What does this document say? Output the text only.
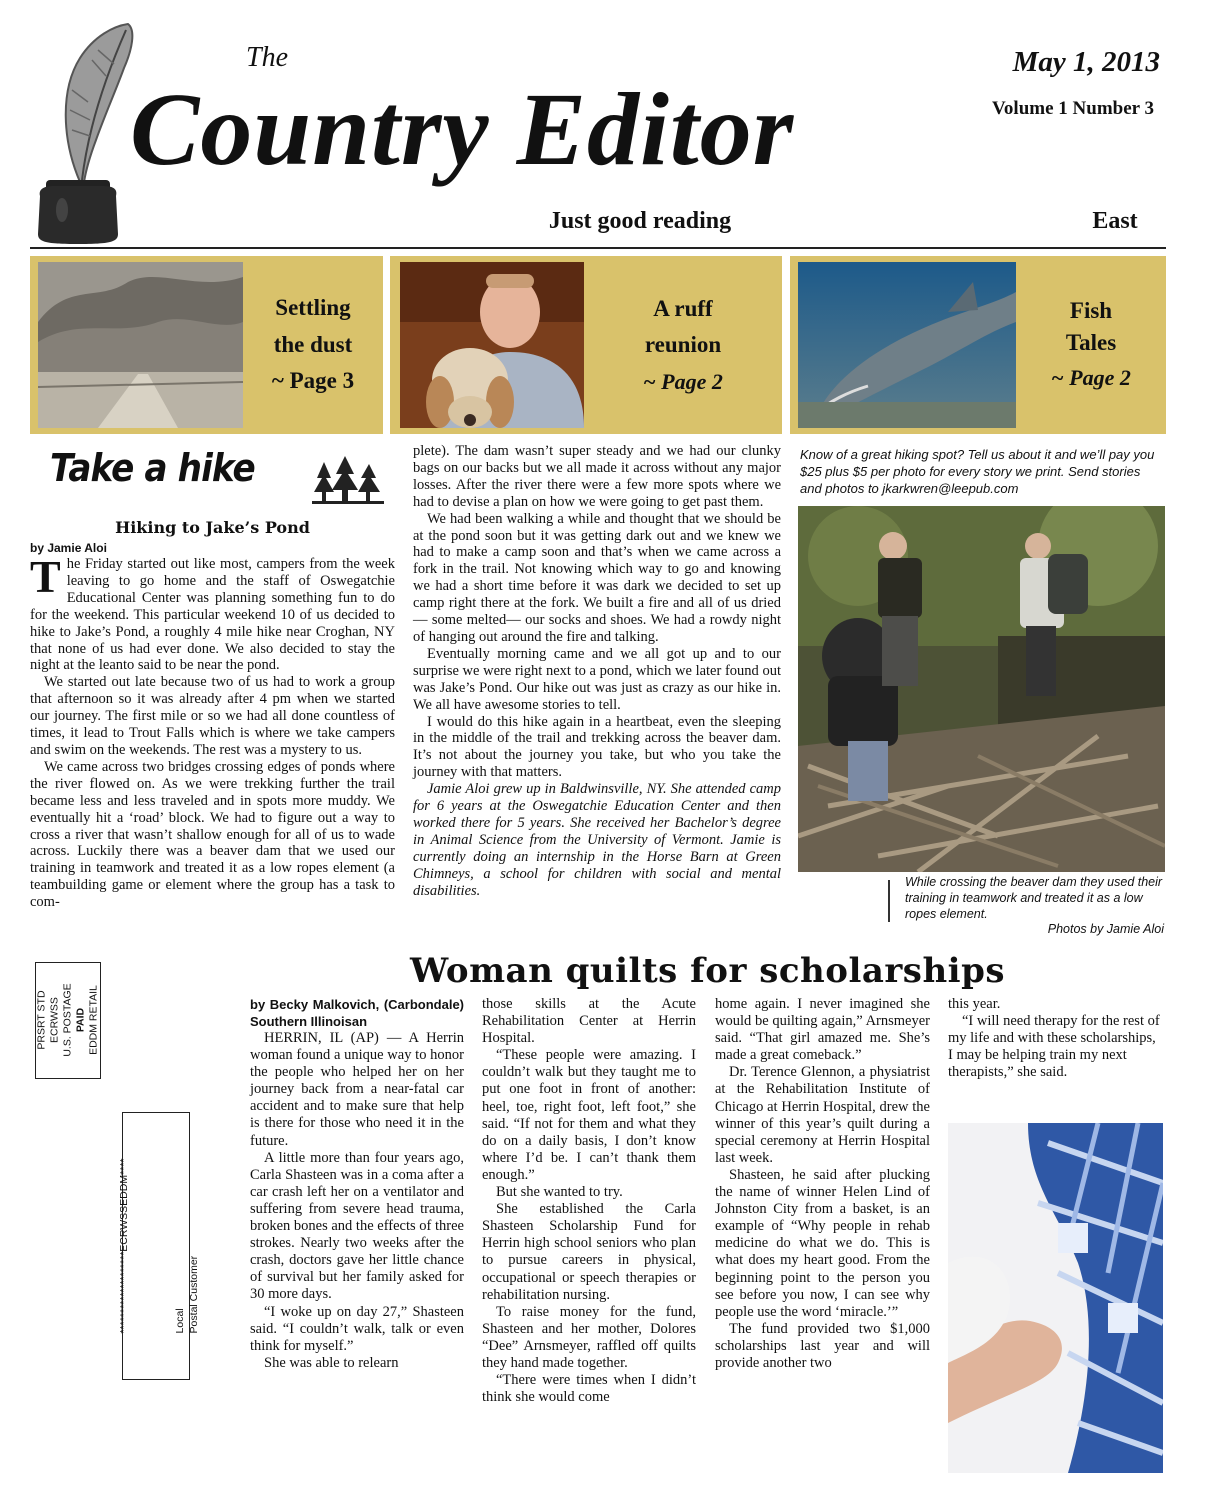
The
Country Editor
May 1, 2013
Volume 1 Number 3
Just good reading	East
Settling
the dust
~ Page 3
A ruff
reunion
~ Page 2
Fish
Tales
~ Page 2
Take a hike
Hiking to Jake’s Pond
by Jamie Aloi

The Friday started out like most, campers from the week leaving to go home and the staff of Oswegatchie Educational Center was planning something fun to do for the weekend. This particular weekend 10 of us decided to hike to Jake’s Pond, a roughly 4 mile hike near Croghan, NY that none of us had ever done. We also decided to stay the night at the leanto said to be near the pond.

We started out late because two of us had to work a group that afternoon so it was already after 4 pm when we started our journey. The first mile or so we had all done countless of times, it lead to Trout Falls which is where we take campers and swim on the weekends. The rest was a mystery to us.

We came across two bridges crossing edges of ponds where the river flowed on. As we were trekking further the trail became less and less traveled and in spots more muddy. We eventually hit a ‘road’ block. We had to figure out a way to cross a river that wasn’t shallow enough for all of us to wade across. Luckily there was a beaver dam that we used our training in teamwork and treated it as a low ropes element (a teambuilding game or element where the group has a task to com-

plete). The dam wasn’t super steady and we had our clunky bags on our backs but we all made it across without any major losses. After the river there were a few more spots where we had to devise a plan on how we were going to get past them.

We had been walking a while and thought that we should be at the pond soon but it was getting dark out and we knew we had to make a camp soon and that’s when we came across a fork in the trail. Not knowing which way to go and knowing we had a short time before it was dark we decided to set up camp right there at the fork. We built a fire and all of us dried— some melted— our socks and shoes. We had a rowdy night of hanging out around the fire and talking.

Eventually morning came and we all got up and to our surprise we were right next to a pond, which we later found out was Jake’s Pond. Our hike out was just as crazy as our hike in. We all have awesome stories to tell.

I would do this hike again in a heartbeat, even the sleeping in the middle of the trail and trekking across the beaver dam. It’s not about the journey you take, but who you take the journey with that matters.

Jamie Aloi grew up in Baldwinsville, NY. She attended camp for 6 years at the Oswegatchie Education Center and then worked there for 5 years. She received her Bachelor’s degree in Animal Science from the University of Vermont. Jamie is currently doing an internship in the Horse Barn at Green Chimneys, a school for children with social and mental disabilities.

Know of a great hiking spot? Tell us about it and we’ll pay you $25 plus $5 per photo for every story we print. Send stories and photos to jkarkwren@leepub.com
While crossing the beaver dam they used their training in teamwork and treated it as a low ropes element.
Photos by Jamie Aloi
Woman quilts for scholarships
by Becky Malkovich, (Carbondale) Southern Illinoisan

HERRIN, IL (AP) — A Herrin woman found a unique way to honor the people who helped her on her journey back from a near-fatal car accident and to make sure that help is there for those who need it in the future.

A little more than four years ago, Carla Shasteen was in a coma after a car crash left her on a ventilator and suffering from severe head trauma, broken bones and the effects of three strokes. Nearly two weeks after the crash, doctors gave her little chance of survival but her family asked for 30 more days.

“I woke up on day 27,” Shasteen said. “I couldn’t walk, talk or even think for myself.”

She was able to relearn

those skills at the Acute Rehabilitation Center at Herrin Hospital.

“These people were amazing. I couldn’t walk but they taught me to put one foot in front of another: heel, toe, right foot, left foot,” she said. “If not for them and what they do on a daily basis, I don’t know where I’d be. I can’t thank them enough.”

But she wanted to try.

She established the Carla Shasteen Scholarship Fund for Herrin high school seniors who plan to pursue careers in physical, occupational or speech therapies or rehabilitation nursing.

To raise money for the fund, Shasteen and her mother, Dolores “Dee” Arnsmeyer, raffled off quilts they hand made together.

“There were times when I didn’t think she would come

home again. I never imagined she would be quilting again,” Arnsmeyer said. “That girl amazed me. She’s made a great comeback.”

Dr. Terence Glennon, a physiatrist at the Rehabilitation Institute of Chicago at Herrin Hospital, drew the winner of this year’s quilt during a special ceremony at Herrin Hospital last week.

Shasteen, he said after plucking the name of winner Helen Lind of Johnston City from a basket, is an example of “Why people in rehab medicine do what we do. This is what does my heart good. From the beginning point to the person you see before you now, I can see why people use the word ‘miracle.’”

The fund provided two $1,000 scholarships last year and will provide another two

this year.

“I will need therapy for the rest of my life and with these scholarships, I may be helping train my next therapists,” she said.

PRSRT STD ECRWSS U.S. POSTAGE PAID EDDM RETAIL
********************ECRWSSEDDM****	Local Postal Customer
